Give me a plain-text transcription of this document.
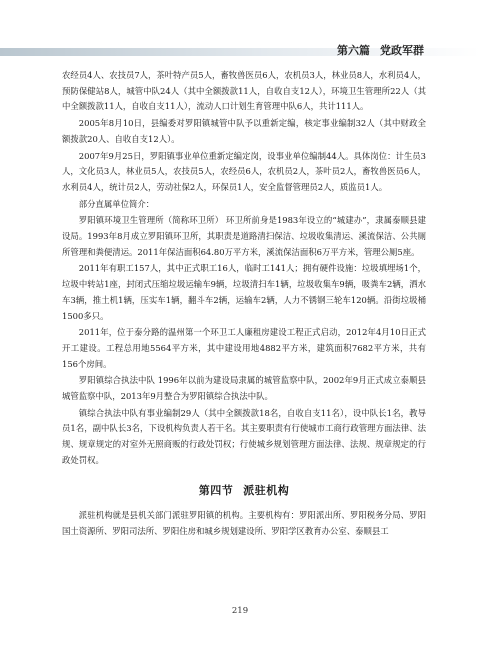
第六篇 党政军群

农经员4人、农技员7人，茶叶特产员5人，畜牧兽医员6人，农机员3人，林业员8人，水利员4人，预防保健站8人，城管中队24人（其中全额拨款11人，自收自支12人），环境卫生管理所22人（其中全额拨款11人，自收自支11人），流动人口计划生育管理中队6人，共计111人。

2005年8月10日，县编委对罗阳镇城管中队予以重新定编，核定事业编制32人（其中财政全额拨款20人、自收自支12人）。

2007年9月25日，罗阳镇事业单位重新定编定岗，设事业单位编制44人。具体岗位：计生员3人，文化员3人，林业员5人，农技员5人，农经员6人，农机员2人，茶叶员2人，畜牧兽医员6人，水利员4人，统计员2人，劳动社保2人，环保员1人，安全监督管理员2人，质监员1人。

部分直属单位简介：

罗阳镇环境卫生管理所（简称环卫所） 环卫所前身是1983年设立的“城建办”，隶属泰顺县建设局。1993年8月成立罗阳镇环卫所，其职责是道路清扫保洁、垃圾收集清运、溪流保洁、公共厕所管理和粪便清运。2011年保洁面积64.80万平方米，溪流保洁面积6万平方米，管理公厕5座。

2011年有职工157人，其中正式职工16人，临时工141人；拥有硬件设施：垃圾填埋场1个，垃圾中转站1座，封闭式压缩垃圾运输车9辆，垃圾清扫车1辆，垃圾收集车9辆，吸粪车2辆，洒水车3辆，推土机1辆，压实车1辆，翻斗车2辆，运输车2辆，人力不锈钢三轮车120辆。沿街垃圾桶1500多只。

2011年，位于泰分路的温州第一个环卫工人廉租房建设工程正式启动，2012年4月10日正式开工建设。工程总用地5564平方米，其中建设用地4882平方米，建筑面积7682平方米，共有156个房间。

罗阳镇综合执法中队 1996年以前为建设局隶属的城管监察中队，2002年9月正式成立泰顺县城管监察中队，2013年9月整合为罗阳镇综合执法中队。

镇综合执法中队有事业编制29人（其中全额拨款18名，自收自支11名），设中队长1名，教导员1名，副中队长3名，下设机构负责人若干名。其主要职责有行使城市工商行政管理方面法律、法规、规章规定的对室外无照商贩的行政处罚权；行使城乡规划管理方面法律、法规、规章规定的行政处罚权。

第四节 派驻机构

派驻机构就是县机关部门派驻罗阳镇的机构。主要机构有：罗阳派出所、罗阳税务分局、罗阳国土资源所、罗阳司法所、罗阳住房和城乡规划建设所、罗阳学区教育办公室、泰顺县工

219
